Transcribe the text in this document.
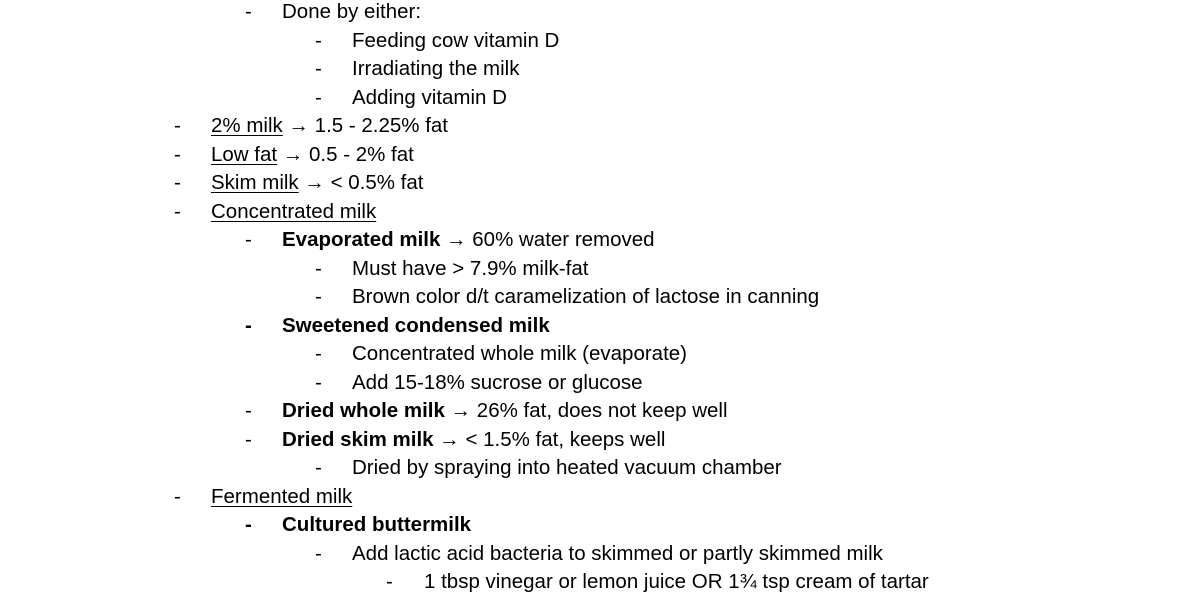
- Done by either:
- Feeding cow vitamin D
- Irradiating the milk
- Adding vitamin D
- 2% milk → 1.5 - 2.25% fat
- Low fat → 0.5 - 2% fat
- Skim milk → < 0.5% fat
- Concentrated milk
- Evaporated milk → 60% water removed
- Must have > 7.9% milk-fat
- Brown color d/t caramelization of lactose in canning
- Sweetened condensed milk
- Concentrated whole milk (evaporate)
- Add 15-18% sucrose or glucose
- Dried whole milk → 26% fat, does not keep well
- Dried skim milk → < 1.5% fat, keeps well
- Dried by spraying into heated vacuum chamber
- Fermented milk
- Cultured buttermilk
- Add lactic acid bacteria to skimmed or partly skimmed milk
- 1 tbsp vinegar or lemon juice OR 1¾ tsp cream of tartar
